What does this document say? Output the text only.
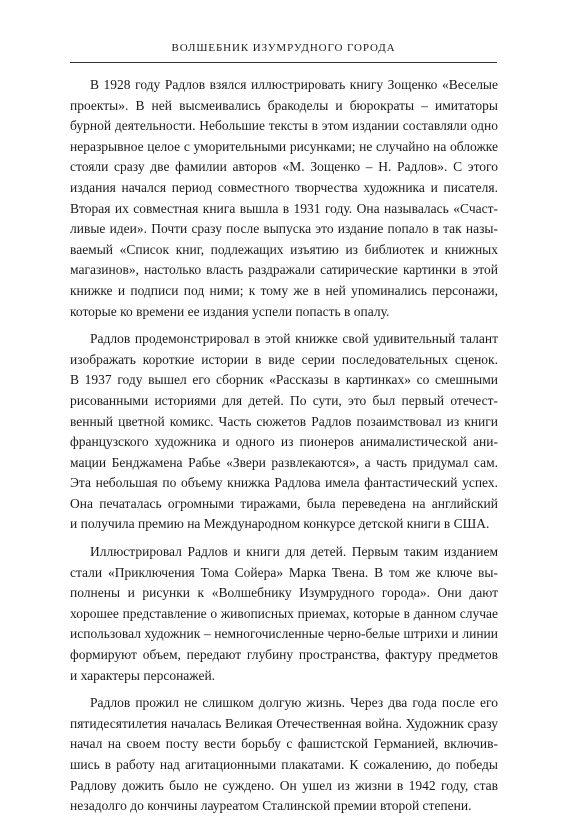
ВОЛШЕБНИК ИЗУМРУДНОГО ГОРОДА

В 1928 году Радлов взялся иллюстрировать книгу Зощенко «Веселые
проекты». В ней высмеивались бракоделы и бюрократы – имитаторы
бурной деятельности. Небольшие тексты в этом издании составляли одно
неразрывное целое с уморительными рисунками; не случайно на обложке
стояли сразу две фамилии авторов «М. Зощенко – Н. Радлов». С этого
издания начался период совместного творчества художника и писателя.
Вторая их совместная книга вышла в 1931 году. Она называлась «Счаст-
ливые идеи». Почти сразу после выпуска это издание попало в так назы-
ваемый «Список книг, подлежащих изъятию из библиотек и книжных
магазинов», настолько власть раздражали сатирические картинки в этой
книжке и подписи под ними; к тому же в ней упоминались персонажи,
которые ко времени ее издания успели попасть в опалу.

Радлов продемонстрировал в этой книжке свой удивительный талант
изображать короткие истории в виде серии последовательных сценок.
В 1937 году вышел его сборник «Рассказы в картинках» со смешными
рисованными историями для детей. По сути, это был первый отечест-
венный цветной комикс. Часть сюжетов Радлов позаимствовал из книги
французского художника и одного из пионеров анималистической ани-
мации Бенджамена Рабье «Звери развлекаются», а часть придумал сам.
Эта небольшая по объему книжка Радлова имела фантастический успех.
Она печаталась огромными тиражами, была переведена на английский
и получила премию на Международном конкурсе детской книги в США.

Иллюстрировал Радлов и книги для детей. Первым таким изданием
стали «Приключения Тома Сойера» Марка Твена. В том же ключе вы-
полнены и рисунки к «Волшебнику Изумрудного города». Они дают
хорошее представление о живописных приемах, которые в данном случае
использовал художник – немногочисленные черно-белые штрихи и линии
формируют объем, передают глубину пространства, фактуру предметов
и характеры персонажей.

Радлов прожил не слишком долгую жизнь. Через два года после его
пятидесятилетия началась Великая Отечественная война. Художник сразу
начал на своем посту вести борьбу с фашистской Германией, включив-
шись в работу над агитационными плакатами. К сожалению, до победы
Радлову дожить было не суждено. Он ушел из жизни в 1942 году, став
незадолго до кончины лауреатом Сталинской премии второй степени.
